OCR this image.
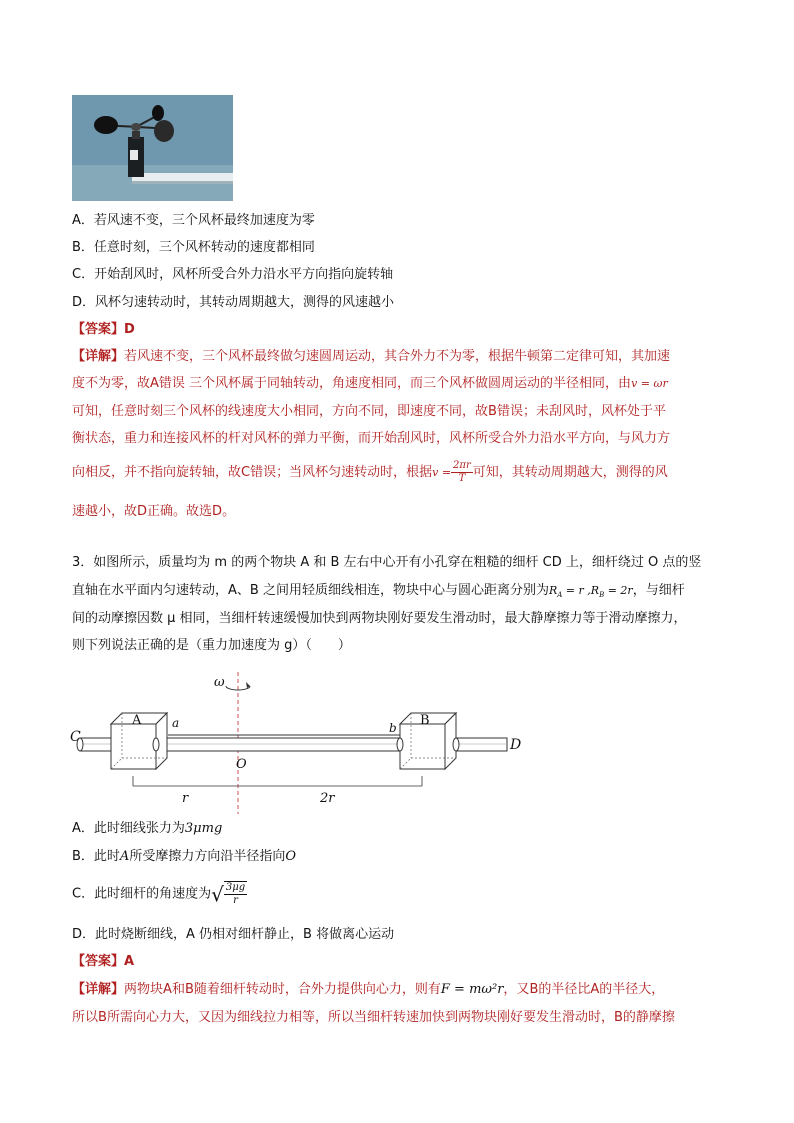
A．若风速不变，三个风杯最终加速度为零
B．任意时刻，三个风杯转动的速度都相同
C．开始刮风时，风杯所受合外力沿水平方向指向旋转轴
D．风杯匀速转动时，其转动周期越大，测得的风速越小
【答案】D
【详解】若风速不变，三个风杯最终做匀速圆周运动，其合外力不为零，根据牛顿第二定律可知，其加速
度不为零，故A错误 三个风杯属于同轴转动，角速度相同，而三个风杯做圆周运动的半径相同，由v = ωr
可知，任意时刻三个风杯的线速度大小相同，方向不同，即速度不同，故B错误；未刮风时，风杯处于平
衡状态，重力和连接风杯的杆对风杯的弹力平衡，而开始刮风时，风杯所受合外力沿水平方向，与风力方
向相反，并不指向旋转轴，故C错误；当风杯匀速转动时，根据$v = \frac{2\pi r}{T}$ 可知，其转动周期越大，测得的风
速越小，故D正确。故选D。
3．如图所示，质量均为 m 的两个物块 A 和 B 左右中心开有小孔穿在粗糙的细杆 CD 上，细杆绕过 O 点的竖
直轴在水平面内匀速转动，A、B 之间用轻质细线相连，物块中心与圆心距离分别为$R_A = r$ $,R_B = 2r$，与细杆
间的动摩擦因数 μ 相同，当细杆转速缓慢加快到两物块刚好要发生滑动时，最大静摩擦力等于滑动摩擦力，
则下列说法正确的是（重力加速度为 g）（　　）
ω
C	D
A	B
a	b
O
r	2r
A．此时细线张力为3μmg
B．此时A所受摩擦力方向沿半径指向O
C．此时细杆的角速度为√ $\frac{3\mu g}{r}$
D．此时烧断细线，A 仍相对细杆静止，B 将做离心运动
【答案】A
【详解】两物块A和B随着细杆转动时，合外力提供向心力，则有F = mω²r，又B的半径比A的半径大，
所以B所需向心力大，又因为细线拉力相等，所以当细杆转速加快到两物块刚好要发生滑动时，B的静摩擦
